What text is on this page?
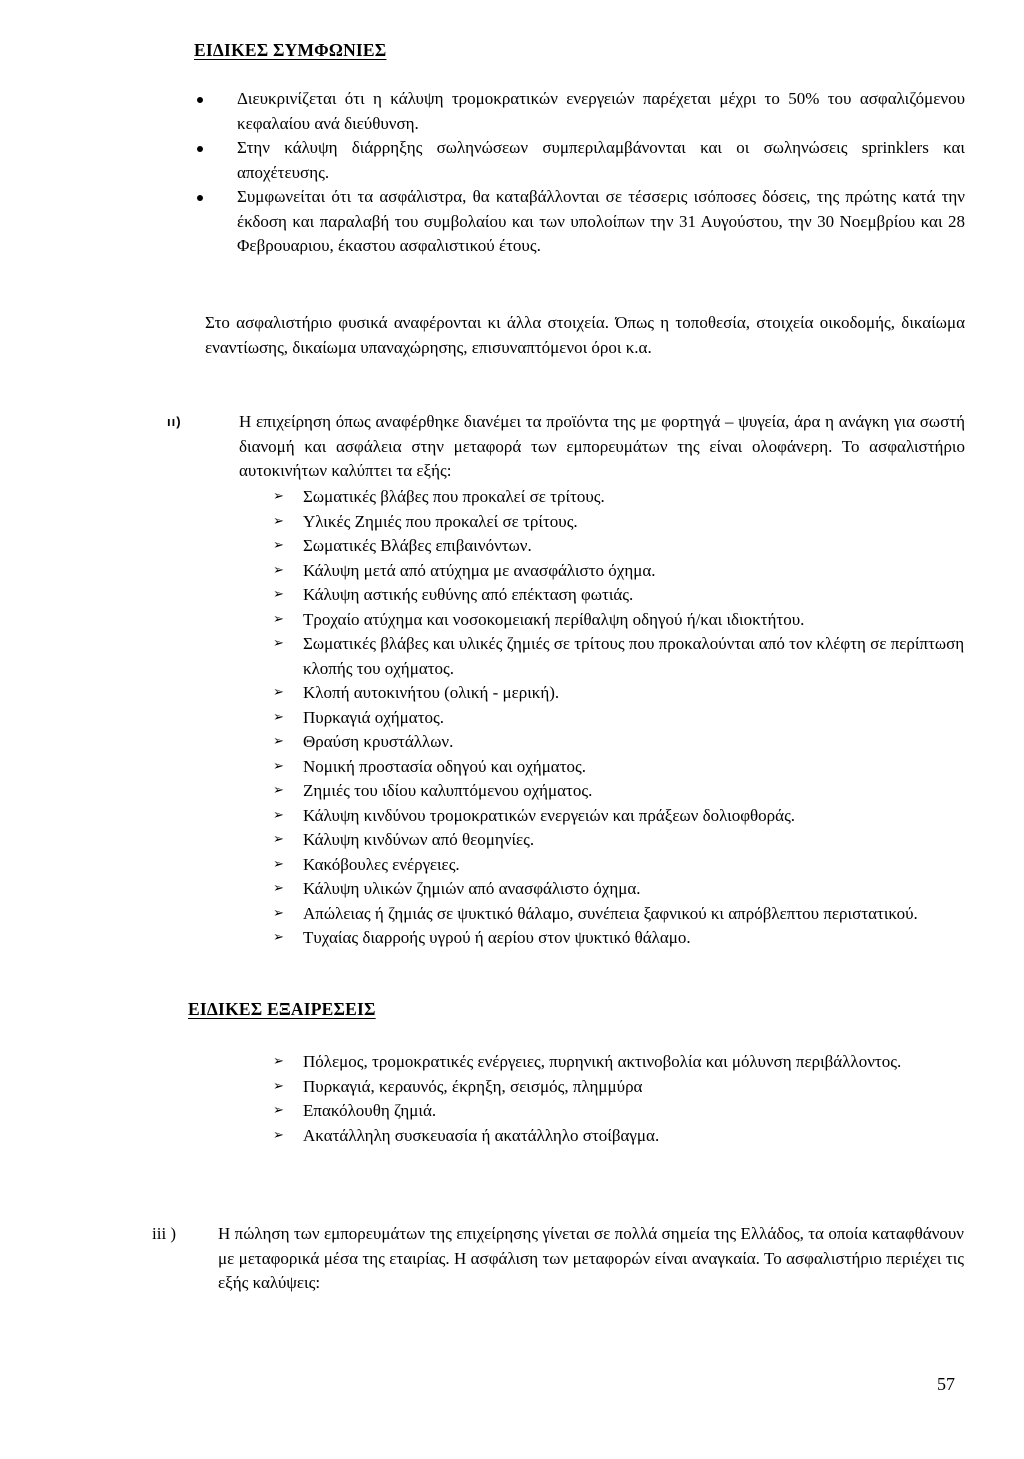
ΕΙΔΙΚΕΣ ΣΥΜΦΩΝΙΕΣ
Διευκρινίζεται ότι η κάλυψη τρομοκρατικών ενεργειών παρέχεται μέχρι το 50% του ασφαλιζόμενου κεφαλαίου ανά διεύθυνση.
Στην κάλυψη διάρρηξης σωληνώσεων συμπεριλαμβάνονται και οι σωληνώσεις sprinklers και αποχέτευσης.
Συμφωνείται ότι τα ασφάλιστρα, θα καταβάλλονται σε τέσσερις ισόποσες δόσεις, της πρώτης κατά την έκδοση και παραλαβή του συμβολαίου και των υπολοίπων την 31 Αυγούστου, την 30 Νοεμβρίου και 28 Φεβρουαριου, έκαστου ασφαλιστικού έτους.

Στο ασφαλιστήριο φυσικά αναφέρονται κι άλλα στοιχεία. Όπως η τοποθεσία, στοιχεία οικοδομής, δικαίωμα εναντίωσης, δικαίωμα υπαναχώρησης, επισυναπτόμενοι όροι κ.α.

ıı)	Η επιχείρηση όπως αναφέρθηκε διανέμει τα προϊόντα της με φορτηγά – ψυγεία, άρα η ανάγκη για σωστή διανομή και ασφάλεια στην μεταφορά των εμπορευμάτων της είναι ολοφάνερη. Το ασφαλιστήριο αυτοκινήτων καλύπτει τα εξής:

➢ Σωματικές βλάβες που προκαλεί σε τρίτους.
➢ Υλικές Ζημιές που προκαλεί σε τρίτους.
➢ Σωματικές Βλάβες επιβαινόντων.
➢ Κάλυψη μετά από ατύχημα με ανασφάλιστο όχημα.
➢ Κάλυψη αστικής ευθύνης από επέκταση φωτιάς.
➢ Τροχαίο ατύχημα και νοσοκομειακή περίθαλψη οδηγού ή/και ιδιοκτήτου.
➢ Σωματικές βλάβες και υλικές ζημιές σε τρίτους που προκαλούνται από τον κλέφτη σε περίπτωση κλοπής του οχήματος.
➢ Κλοπή αυτοκινήτου (ολική - μερική).
➢ Πυρκαγιά οχήματος.
➢ Θραύση κρυστάλλων.
➢ Νομική προστασία οδηγού και οχήματος.
➢ Ζημιές του ιδίου καλυπτόμενου οχήματος.
➢ Κάλυψη κινδύνου τρομοκρατικών ενεργειών και πράξεων δολιοφθοράς.
➢ Κάλυψη κινδύνων από θεομηνίες.
➢ Κακόβουλες ενέργειες.
➢ Κάλυψη υλικών ζημιών από ανασφάλιστο όχημα.
➢ Απώλειας ή ζημιάς σε ψυκτικό θάλαμο, συνέπεια ξαφνικού κι απρόβλεπτου περιστατικού.
➢ Τυχαίας διαρροής υγρού ή αερίου στον ψυκτικό θάλαμο.
ΕΙΔΙΚΕΣ ΕΞΑΙΡΕΣΕΙΣ
➢ Πόλεμος, τρομοκρατικές ενέργειες, πυρηνική ακτινοβολία και μόλυνση περιβάλλοντος.
➢ Πυρκαγιά, κεραυνός, έκρηξη, σεισμός, πλημμύρα
➢ Επακόλουθη ζημιά.
➢ Ακατάλληλη συσκευασία ή ακατάλληλο στοίβαγμα.

iii ) Η πώληση των εμπορευμάτων της επιχείρησης γίνεται σε πολλά σημεία της Ελλάδος, τα οποία καταφθάνουν με μεταφορικά μέσα της εταιρίας. Η ασφάλιση των μεταφορών είναι αναγκαία. Το ασφαλιστήριο περιέχει τις εξής καλύψεις:

57
